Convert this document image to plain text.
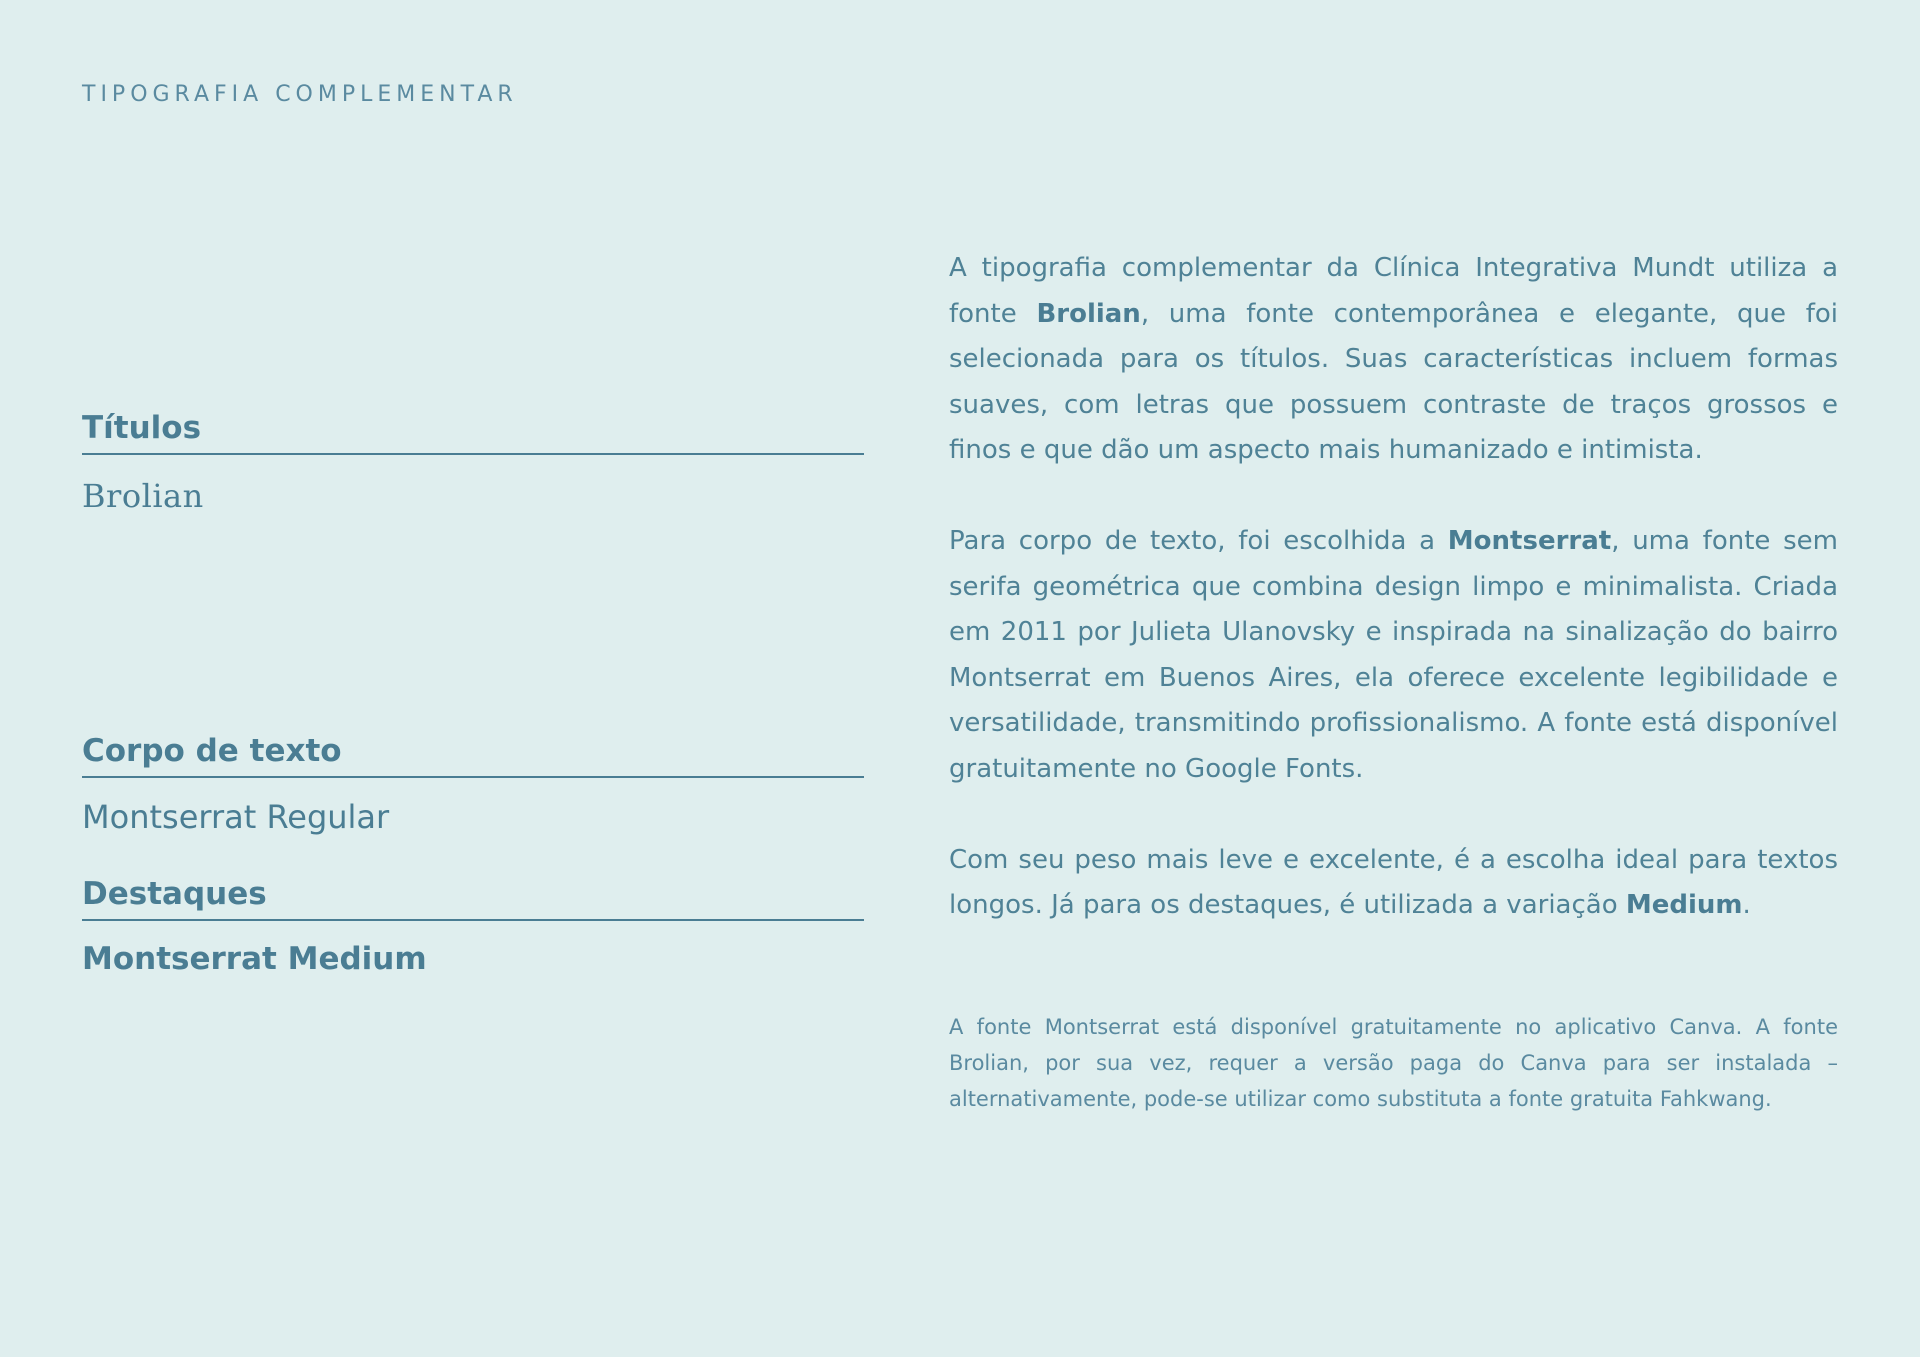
TIPOGRAFIA COMPLEMENTAR
Títulos
Brolian
Corpo de texto
Montserrat Regular
Destaques
Montserrat Medium

A tipografia complementar da Clínica Integrativa Mundt utiliza a fonte Brolian, uma fonte contemporânea e elegante, que foi selecionada para os títulos. Suas características incluem formas suaves, com letras que possuem contraste de traços grossos e finos e que dão um aspecto mais humanizado e intimista.

Para corpo de texto, foi escolhida a Montserrat, uma fonte sem serifa geométrica que combina design limpo e minimalista. Criada em 2011 por Julieta Ulanovsky e inspirada na sinalização do bairro Montserrat em Buenos Aires, ela oferece excelente legibilidade e versatilidade, transmitindo profissionalismo. A fonte está disponível gratuitamente no Google Fonts.

Com seu peso mais leve e excelente, é a escolha ideal para textos longos. Já para os destaques, é utilizada a variação Medium.

A fonte Montserrat está disponível gratuitamente no aplicativo Canva. A fonte Brolian, por sua vez, requer a versão paga do Canva para ser instalada – alternativamente, pode-se utilizar como substituta a fonte gratuita Fahkwang.
